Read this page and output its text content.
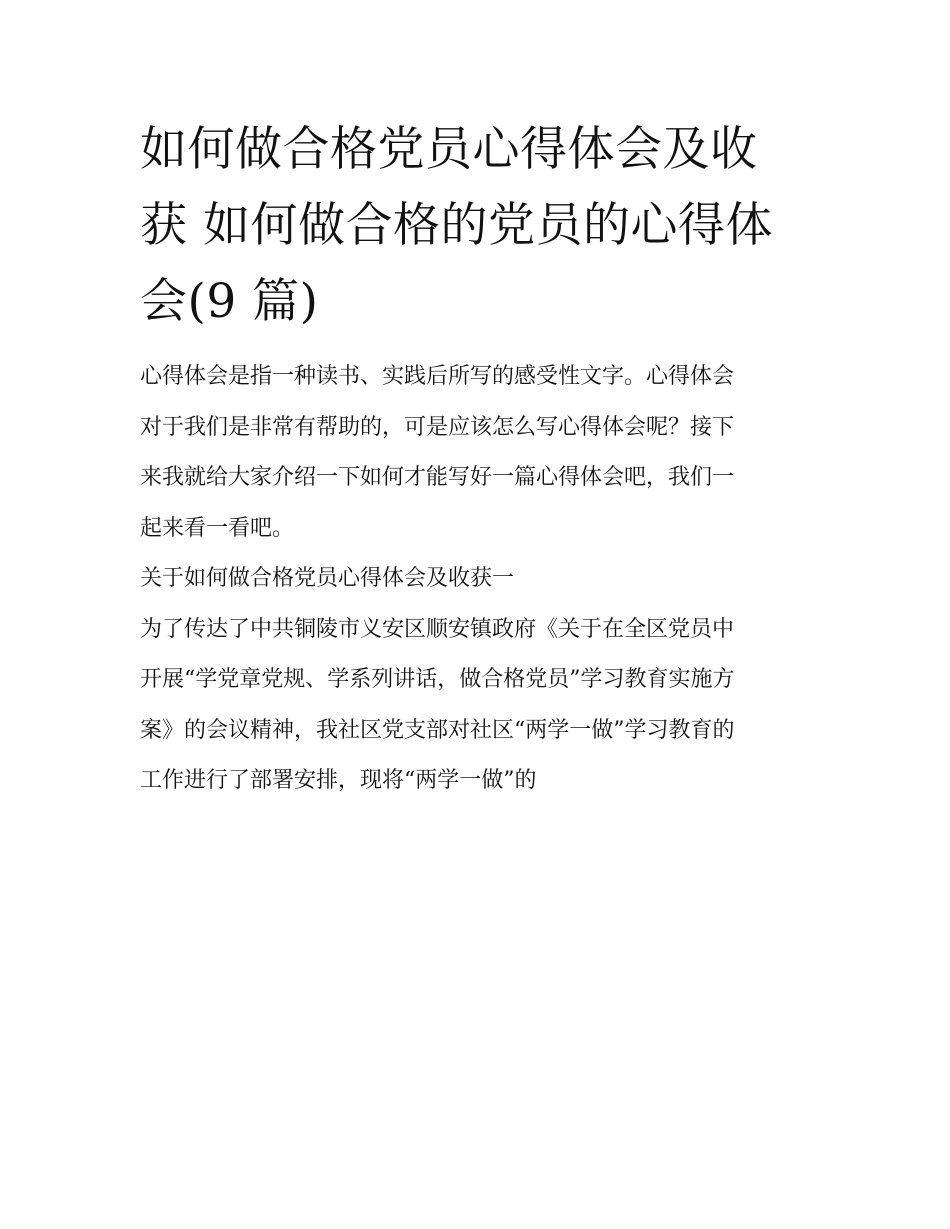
如何做合格党员心得体会及收
获 如何做合格的党员的心得体
会(9 篇)

心得体会是指一种读书、实践后所写的感受性文字。心得体会
对于我们是非常有帮助的，可是应该怎么写心得体会呢？接下
来我就给大家介绍一下如何才能写好一篇心得体会吧，我们一
起来看一看吧。

关于如何做合格党员心得体会及收获一

为了传达了中共铜陵市义安区顺安镇政府《关于在全区党员中
开展“学党章党规、学系列讲话，做合格党员”学习教育实施方
案》的会议精神，我社区党支部对社区“两学一做”学习教育的
工作进行了部署安排，现将“两学一做”的
